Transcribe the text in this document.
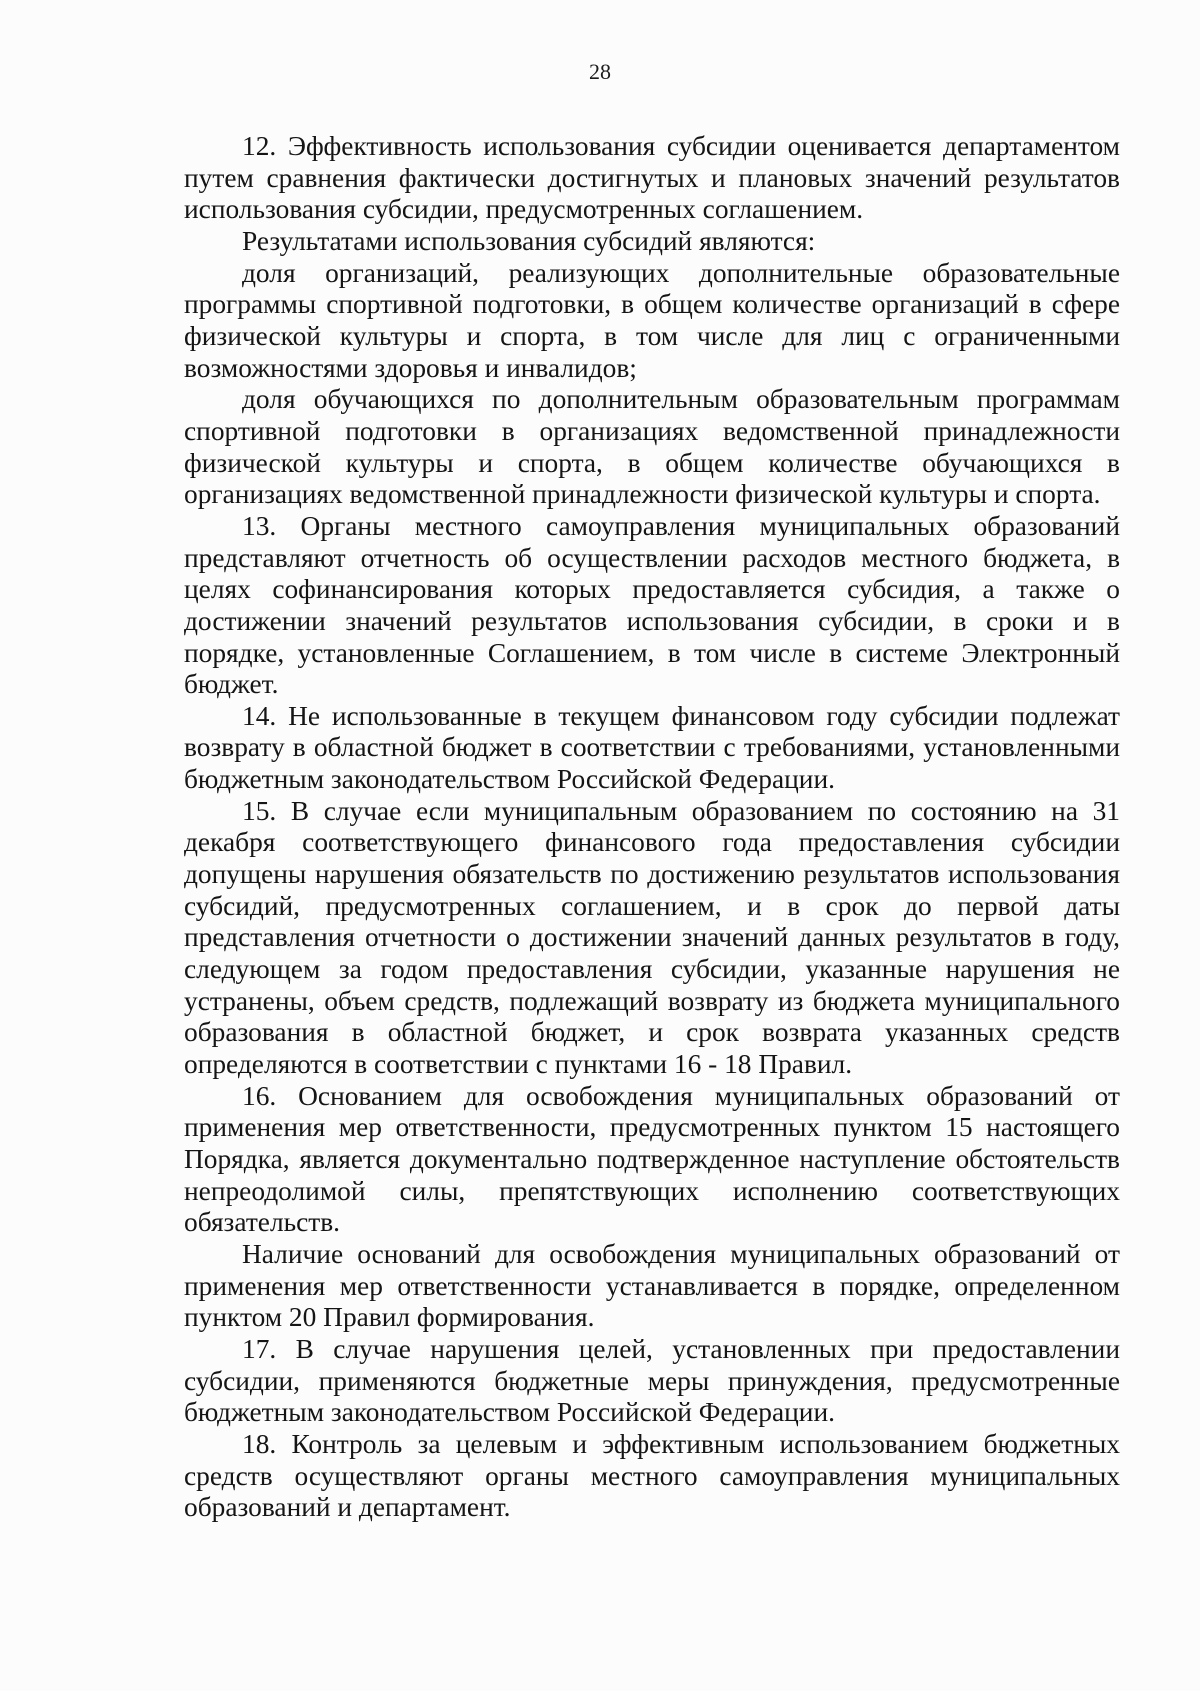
28

12. Эффективность использования субсидии оценивается департаментом путем сравнения фактически достигнутых и плановых значений результатов использования субсидии, предусмотренных соглашением.

Результатами использования субсидий являются:

доля организаций, реализующих дополнительные образовательные программы спортивной подготовки, в общем количестве организаций в сфере физической культуры и спорта, в том числе для лиц с ограниченными возможностями здоровья и инвалидов;

доля обучающихся по дополнительным образовательным программам спортивной подготовки в организациях ведомственной принадлежности физической культуры и спорта, в общем количестве обучающихся в организациях ведомственной принадлежности физической культуры и спорта.

13. Органы местного самоуправления муниципальных образований представляют отчетность об осуществлении расходов местного бюджета, в целях софинансирования которых предоставляется субсидия, а также о достижении значений результатов использования субсидии, в сроки и в порядке, установленные Соглашением, в том числе в системе Электронный бюджет.

14. Не использованные в текущем финансовом году субсидии подлежат возврату в областной бюджет в соответствии с требованиями, установленными бюджетным законодательством Российской Федерации.

15. В случае если муниципальным образованием по состоянию на 31 декабря соответствующего финансового года предоставления субсидии допущены нарушения обязательств по достижению результатов использования субсидий, предусмотренных соглашением, и в срок до первой даты представления отчетности о достижении значений данных результатов в году, следующем за годом предоставления субсидии, указанные нарушения не устранены, объем средств, подлежащий возврату из бюджета муниципального образования в областной бюджет, и срок возврата указанных средств определяются в соответствии с пунктами 16 - 18 Правил.

16. Основанием для освобождения муниципальных образований от применения мер ответственности, предусмотренных пунктом 15 настоящего Порядка, является документально подтвержденное наступление обстоятельств непреодолимой силы, препятствующих исполнению соответствующих обязательств.

Наличие оснований для освобождения муниципальных образований от применения мер ответственности устанавливается в порядке, определенном пунктом 20 Правил формирования.

17. В случае нарушения целей, установленных при предоставлении субсидии, применяются бюджетные меры принуждения, предусмотренные бюджетным законодательством Российской Федерации.

18. Контроль за целевым и эффективным использованием бюджетных средств осуществляют органы местного самоуправления муниципальных образований и департамент.
